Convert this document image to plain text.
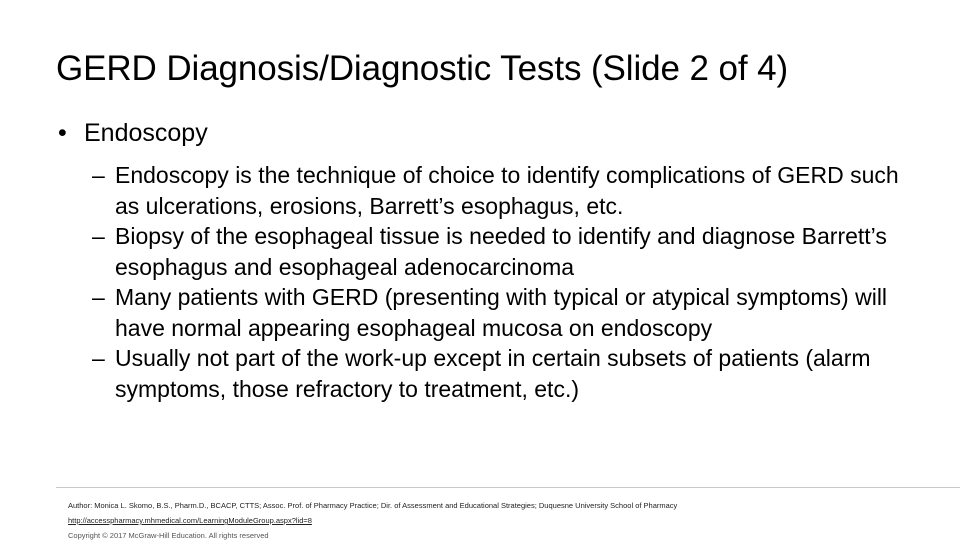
GERD Diagnosis/Diagnostic Tests (Slide 2 of 4)
• Endoscopy
– Endoscopy is the technique of choice to identify complications of GERD such as ulcerations, erosions, Barrett’s esophagus, etc.
– Biopsy of the esophageal tissue is needed to identify and diagnose Barrett’s esophagus and esophageal adenocarcinoma
– Many patients with GERD (presenting with typical or atypical symptoms) will have normal appearing esophageal mucosa on endoscopy
– Usually not part of the work-up except in certain subsets of patients (alarm symptoms, those refractory to treatment, etc.)
Author: Monica L. Skomo, B.S., Pharm.D., BCACP, CTTS; Assoc. Prof. of Pharmacy Practice; Dir. of Assessment and Educational Strategies; Duquesne University School of Pharmacy
http://accesspharmacy.mhmedical.com/LearningModuleGroup.aspx?lid=8
Copyright © 2017 McGraw-Hill Education. All rights reserved
